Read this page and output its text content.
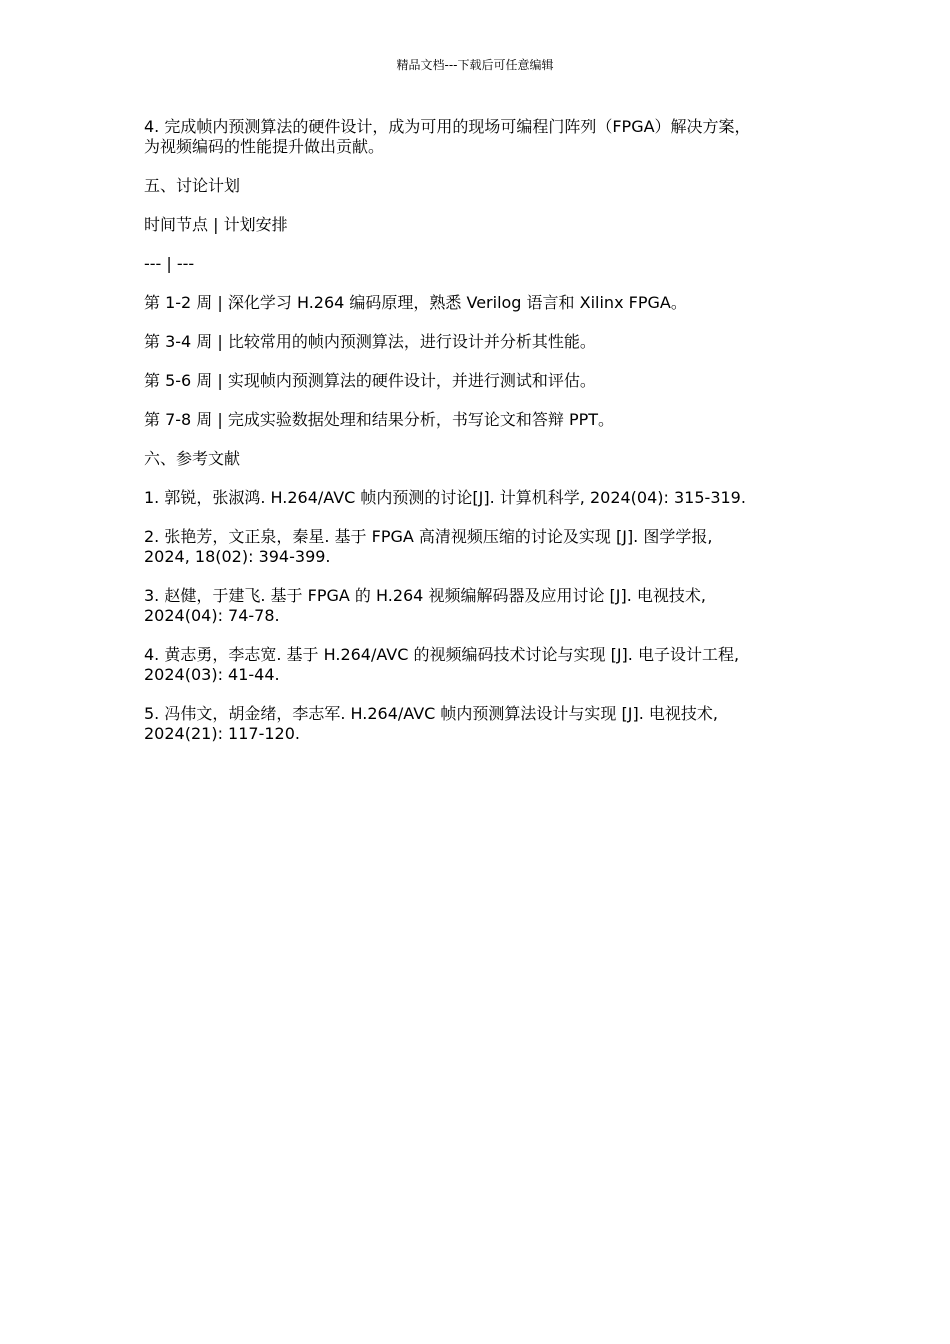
精品文档---下载后可任意编辑

4. 完成帧内预测算法的硬件设计，成为可用的现场可编程门阵列（FPGA）解决方案，
为视频编码的性能提升做出贡献。

五、讨论计划

时间节点 | 计划安排

--- | ---

第 1-2 周 | 深化学习 H.264 编码原理，熟悉 Verilog 语言和 Xilinx FPGA。

第 3-4 周 | 比较常用的帧内预测算法，进行设计并分析其性能。

第 5-6 周 | 实现帧内预测算法的硬件设计，并进行测试和评估。

第 7-8 周 | 完成实验数据处理和结果分析，书写论文和答辩 PPT。

六、参考文献

1. 郭锐，张淑鸿. H.264/AVC 帧内预测的讨论[J]. 计算机科学, 2024(04): 315-319.

2. 张艳芳，文正泉，秦星. 基于 FPGA 高清视频压缩的讨论及实现 [J]. 图学学报,
2024, 18(02): 394-399.

3. 赵健，于建飞. 基于 FPGA 的 H.264 视频编解码器及应用讨论 [J]. 电视技术,
2024(04): 74-78.

4. 黄志勇，李志宽. 基于 H.264/AVC 的视频编码技术讨论与实现 [J]. 电子设计工程,
2024(03): 41-44.

5. 冯伟文，胡金绪，李志军. H.264/AVC 帧内预测算法设计与实现 [J]. 电视技术,
2024(21): 117-120.
